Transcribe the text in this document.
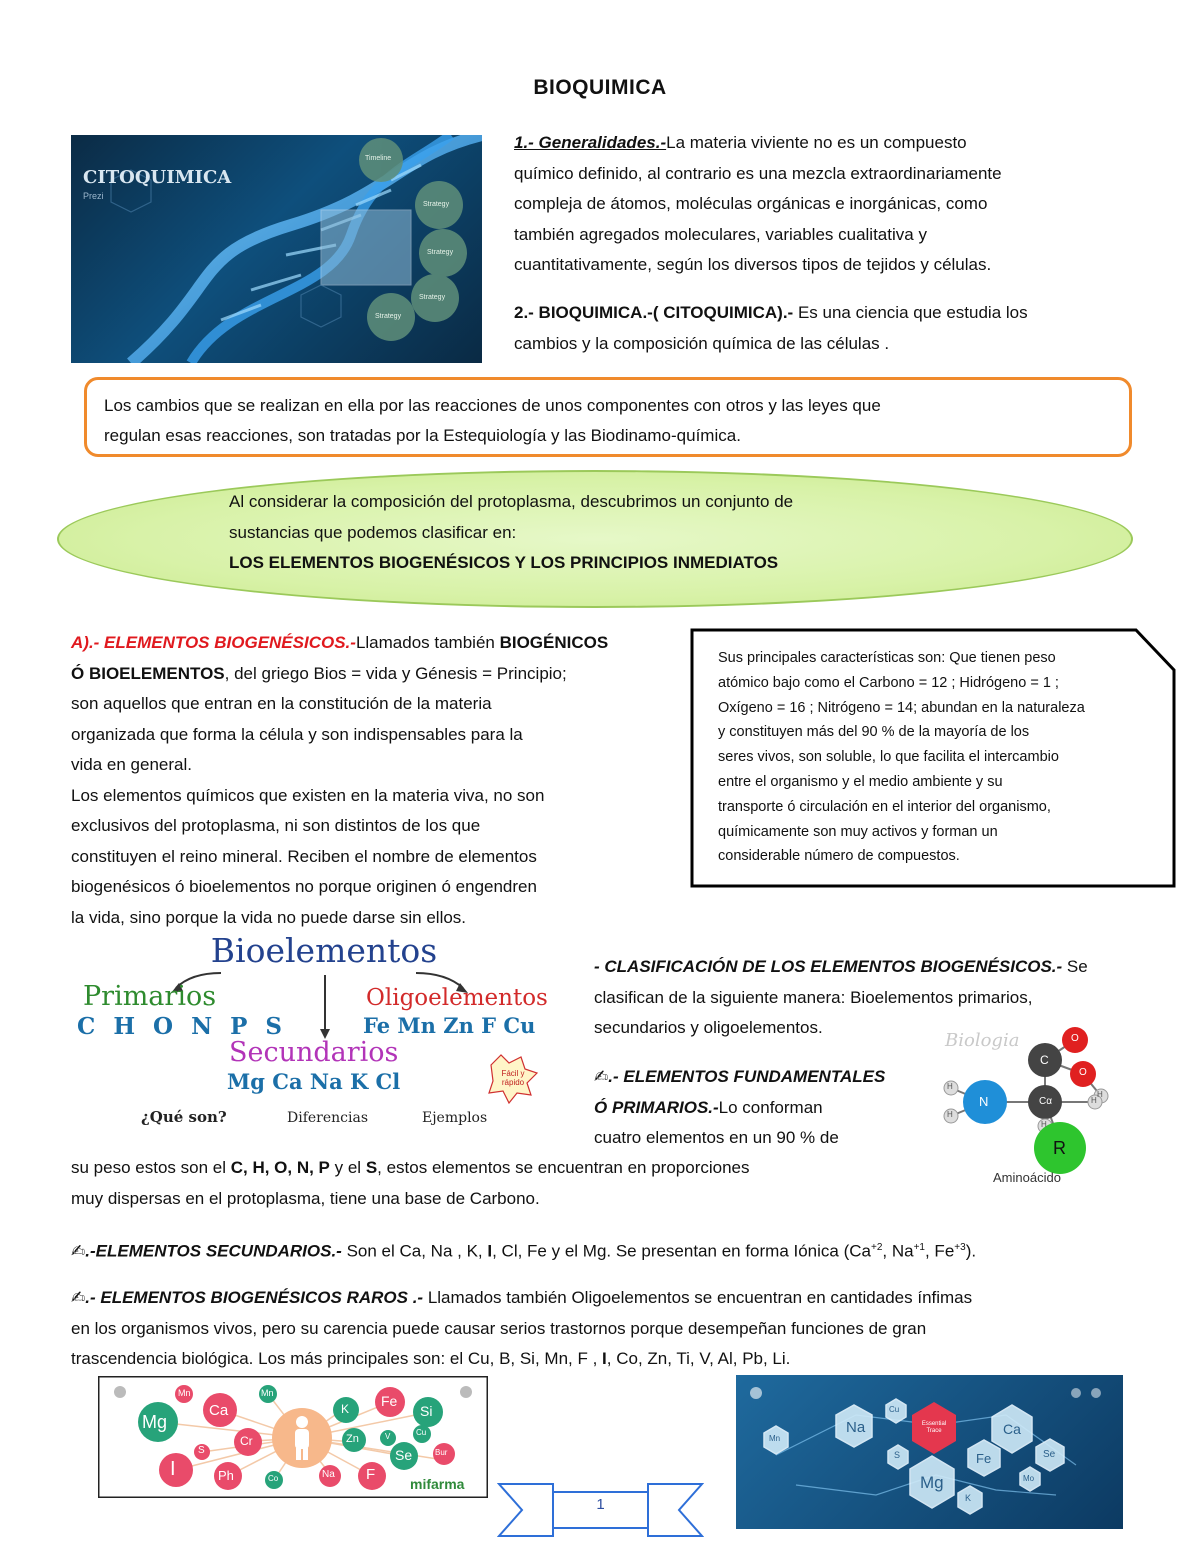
BIOQUIMICA
CITOQUIMICA
Prezi
Timeline
Strategy
Strategy
Strategy
Strategy
1.- Generalidades.-La materia viviente no es un compuesto
químico definido, al contrario es una mezcla extraordinariamente
compleja de átomos, moléculas orgánicas e inorgánicas, como
también agregados moleculares, variables cualitativa y
cuantitativamente, según los diversos tipos de tejidos y células.
2.- BIOQUIMICA.-( CITOQUIMICA).- Es una ciencia que estudia los
cambios y la composición química de las células .
Los cambios que se realizan en ella por las reacciones de unos componentes con otros y las leyes que
regulan esas reacciones, son tratadas por la Estequiología y las Biodinamo-química.
Al considerar la composición del protoplasma, descubrimos un conjunto de
sustancias que podemos clasificar en:
LOS ELEMENTOS BIOGENÉSICOS Y LOS PRINCIPIOS INMEDIATOS
A).- ELEMENTOS BIOGENÉSICOS.-Llamados también BIOGÉNICOS
Ó BIOELEMENTOS, del griego Bios = vida y Génesis = Principio;
son aquellos que entran en la constitución de la materia
organizada que forma la célula y son indispensables para la
vida en general.
Los elementos químicos que existen en la materia viva, no son
exclusivos del protoplasma, ni son distintos de los que
constituyen el reino mineral. Reciben el nombre de elementos
biogenésicos ó bioelementos no porque originen ó engendren
la vida, sino porque la vida no puede darse sin ellos.
Sus principales características son: Que tienen peso
atómico bajo como el Carbono = 12 ; Hidrógeno = 1 ;
Oxígeno = 16 ; Nitrógeno = 14; abundan en la naturaleza
y constituyen más del 90 % de la mayoría de los
seres vivos, son soluble, lo que facilita el intercambio
entre el organismo y el medio ambiente y su
transporte ó circulación en el interior del organismo,
químicamente son muy activos y forman un
considerable número de compuestos.
Bioelementos
Primarios
C H O N P S
Oligoelementos
Fe Mn Zn F Cu
Secundarios
Mg Ca Na K Cl
¿Qué son?	Diferencias	Ejemplos
Fácil y rápido
- CLASIFICACIÓN DE LOS ELEMENTOS BIOGENÉSICOS.- Se
clasifican de la siguiente manera: Bioelementos primarios,
secundarios y oligoelementos.
✍.- ELEMENTOS FUNDAMENTALES
Ó PRIMARIOS.-Lo conforman
cuatro elementos en un 90 % de
su peso estos son el C, H, O, N, P y el S, estos elementos se encuentran en proporciones
muy dispersas en el protoplasma, tiene una base de Carbono.
Biologia	O
C
O
H
N	Cα
H
H
R
H
H
Aminoácido
✍.-ELEMENTOS SECUNDARIOS.- Son el Ca, Na , K, I, Cl, Fe y el Mg. Se presentan en forma Iónica ($Ca^{+2}$, $Na^{+1}$, $Fe^{+3}$).
✍.- ELEMENTOS BIOGENÉSICOS RAROS .- Llamados también Oligoelementos se encuentran en cantidades ínfimas
en los organismos vivos, pero su carencia puede causar serios trastornos porque desempeñan funciones de gran
trascendencia biológica. Los más principales son: el Cu, B, Si, Mn, F , I, Co, Zn, Ti, V, Al, Pb, Li.
Mn
Ca
Mn
Mg
Cr
K Fe
Si
S
Zn	V	Cu
I	Ph	Co	Na F
Se	Bur
mifarma
Na
Cu
Ca
Mn
S
Mg
Fe
K
Se
Mo
Essential Trace
1
